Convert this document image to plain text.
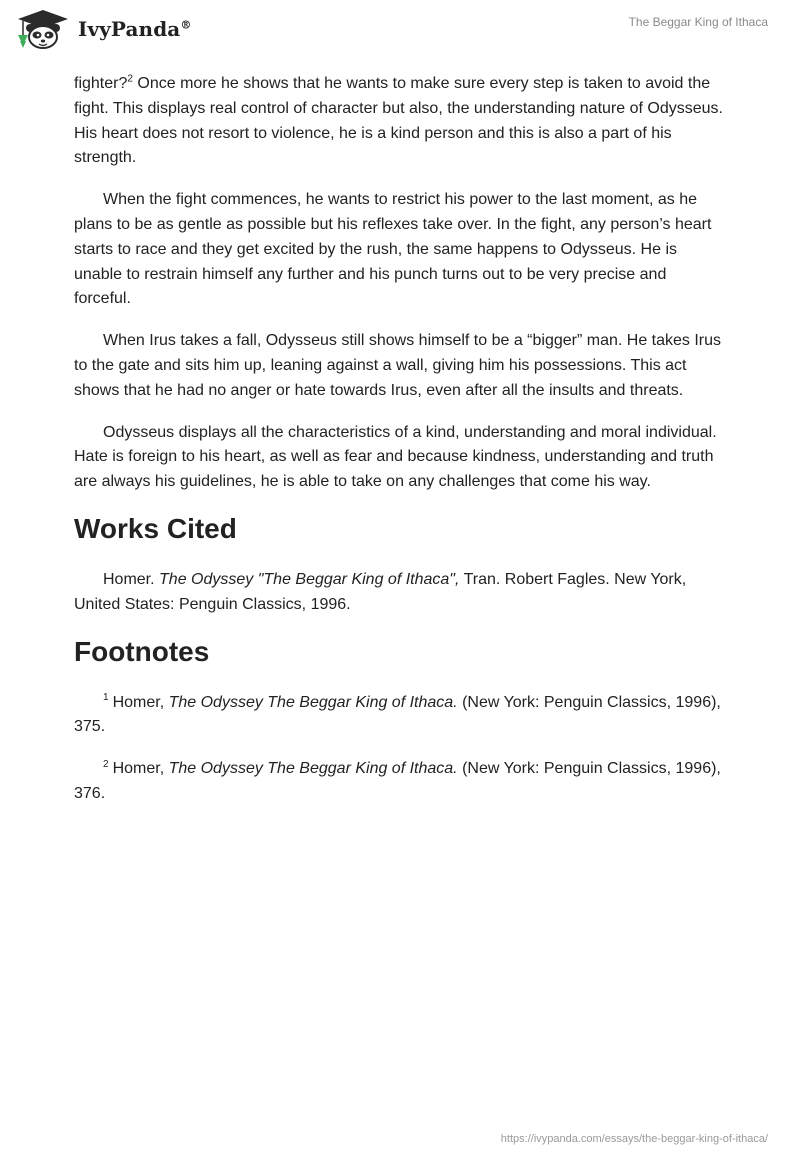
IvyPanda®	The Beggar King of Ithaca

fighter?$^2$ Once more he shows that he wants to make sure every step is taken to avoid the fight. This displays real control of character but also, the understanding nature of Odysseus. His heart does not resort to violence, he is a kind person and this is also a part of his strength.

When the fight commences, he wants to restrict his power to the last moment, as he plans to be as gentle as possible but his reflexes take over. In the fight, any person’s heart starts to race and they get excited by the rush, the same happens to Odysseus. He is unable to restrain himself any further and his punch turns out to be very precise and forceful.

When Irus takes a fall, Odysseus still shows himself to be a “bigger” man. He takes Irus to the gate and sits him up, leaning against a wall, giving him his possessions. This act shows that he had no anger or hate towards Irus, even after all the insults and threats.

Odysseus displays all the characteristics of a kind, understanding and moral individual. Hate is foreign to his heart, as well as fear and because kindness, understanding and truth are always his guidelines, he is able to take on any challenges that come his way.

Works Cited

Homer. The Odyssey "The Beggar King of Ithaca", Tran. Robert Fagles. New York, United States: Penguin Classics, 1996.

Footnotes

$^1$ Homer, The Odyssey The Beggar King of Ithaca. (New York: Penguin Classics, 1996), 375.

$^2$ Homer, The Odyssey The Beggar King of Ithaca. (New York: Penguin Classics, 1996), 376.

https://ivypanda.com/essays/the-beggar-king-of-ithaca/
